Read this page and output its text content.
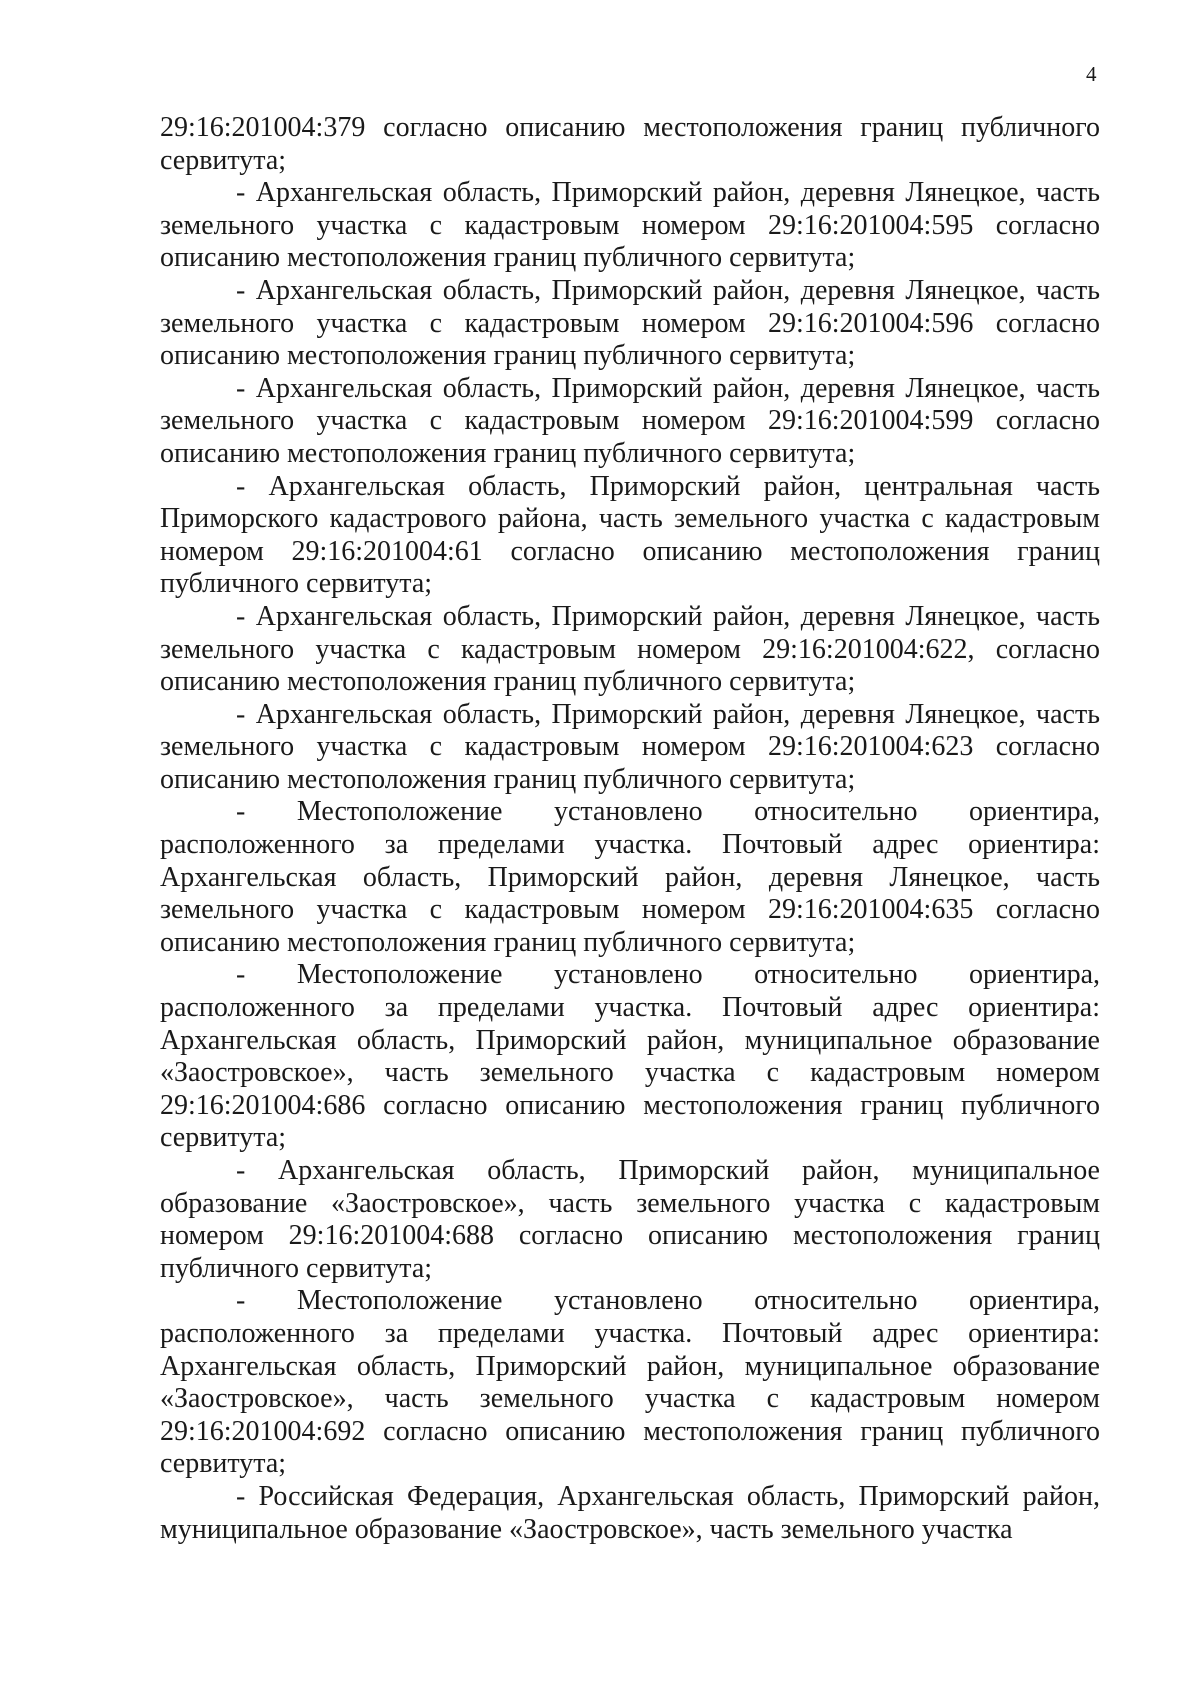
4

29:16:201004:379 согласно описанию местоположения границ публичного сервитута;

- Архангельская область, Приморский район, деревня Лянецкое, часть земельного участка с кадастровым номером 29:16:201004:595 согласно описанию местоположения границ публичного сервитута;

- Архангельская область, Приморский район, деревня Лянецкое, часть земельного участка с кадастровым номером 29:16:201004:596 согласно описанию местоположения границ публичного сервитута;

- Архангельская область, Приморский район, деревня Лянецкое, часть земельного участка с кадастровым номером 29:16:201004:599 согласно описанию местоположения границ публичного сервитута;

- Архангельская область, Приморский район, центральная часть Приморского кадастрового района, часть земельного участка с кадастровым номером 29:16:201004:61 согласно описанию местоположения границ публичного сервитута;

- Архангельская область, Приморский район, деревня Лянецкое, часть земельного участка с кадастровым номером 29:16:201004:622, согласно описанию местоположения границ публичного сервитута;

- Архангельская область, Приморский район, деревня Лянецкое, часть земельного участка с кадастровым номером 29:16:201004:623 согласно описанию местоположения границ публичного сервитута;

- Местоположение установлено относительно ориентира, расположенного за пределами участка. Почтовый адрес ориентира: Архангельская область, Приморский район, деревня Лянецкое, часть земельного участка с кадастровым номером 29:16:201004:635 согласно описанию местоположения границ публичного сервитута;

- Местоположение установлено относительно ориентира, расположенного за пределами участка. Почтовый адрес ориентира: Архангельская область, Приморский район, муниципальное образование «Заостровское», часть земельного участка с кадастровым номером 29:16:201004:686 согласно описанию местоположения границ публичного сервитута;

- Архангельская область, Приморский район, муниципальное образование «Заостровское», часть земельного участка с кадастровым номером 29:16:201004:688 согласно описанию местоположения границ публичного сервитута;

- Местоположение установлено относительно ориентира, расположенного за пределами участка. Почтовый адрес ориентира: Архангельская область, Приморский район, муниципальное образование «Заостровское», часть земельного участка с кадастровым номером 29:16:201004:692 согласно описанию местоположения границ публичного сервитута;

- Российская Федерация, Архангельская область, Приморский район, муниципальное образование «Заостровское», часть земельного участка
